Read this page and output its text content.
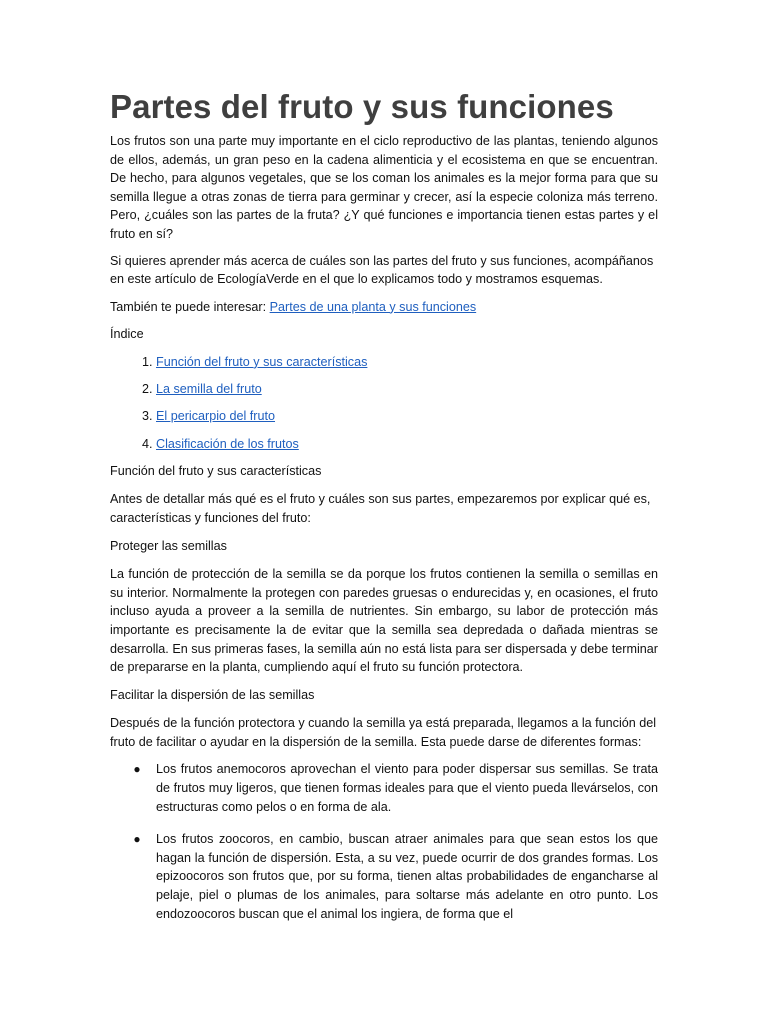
Partes del fruto y sus funciones

Los frutos son una parte muy importante en el ciclo reproductivo de las plantas, teniendo algunos de ellos, además, un gran peso en la cadena alimenticia y el ecosistema en que se encuentran. De hecho, para algunos vegetales, que se los coman los animales es la mejor forma para que su semilla llegue a otras zonas de tierra para germinar y crecer, así la especie coloniza más terreno. Pero, ¿cuáles son las partes de la fruta? ¿Y qué funciones e importancia tienen estas partes y el fruto en sí?

Si quieres aprender más acerca de cuáles son las partes del fruto y sus funciones, acompáñanos en este artículo de EcologíaVerde en el que lo explicamos todo y mostramos esquemas.

También te puede interesar: Partes de una planta y sus funciones

Índice

1. Función del fruto y sus características
2. La semilla del fruto
3. El pericarpio del fruto
4. Clasificación de los frutos

Función del fruto y sus características

Antes de detallar más qué es el fruto y cuáles son sus partes, empezaremos por explicar qué es, características y funciones del fruto:

Proteger las semillas

La función de protección de la semilla se da porque los frutos contienen la semilla o semillas en su interior. Normalmente la protegen con paredes gruesas o endurecidas y, en ocasiones, el fruto incluso ayuda a proveer a la semilla de nutrientes. Sin embargo, su labor de protección más importante es precisamente la de evitar que la semilla sea depredada o dañada mientras se desarrolla. En sus primeras fases, la semilla aún no está lista para ser dispersada y debe terminar de prepararse en la planta, cumpliendo aquí el fruto su función protectora.

Facilitar la dispersión de las semillas

Después de la función protectora y cuando la semilla ya está preparada, llegamos a la función del fruto de facilitar o ayudar en la dispersión de la semilla. Esta puede darse de diferentes formas:

● Los frutos anemocoros aprovechan el viento para poder dispersar sus semillas. Se trata de frutos muy ligeros, que tienen formas ideales para que el viento pueda llevárselos, con estructuras como pelos o en forma de ala.
● Los frutos zoocoros, en cambio, buscan atraer animales para que sean estos los que hagan la función de dispersión. Esta, a su vez, puede ocurrir de dos grandes formas. Los epizoocoros son frutos que, por su forma, tienen altas probabilidades de engancharse al pelaje, piel o plumas de los animales, para soltarse más adelante en otro punto. Los endozoocoros buscan que el animal los ingiera, de forma que el
